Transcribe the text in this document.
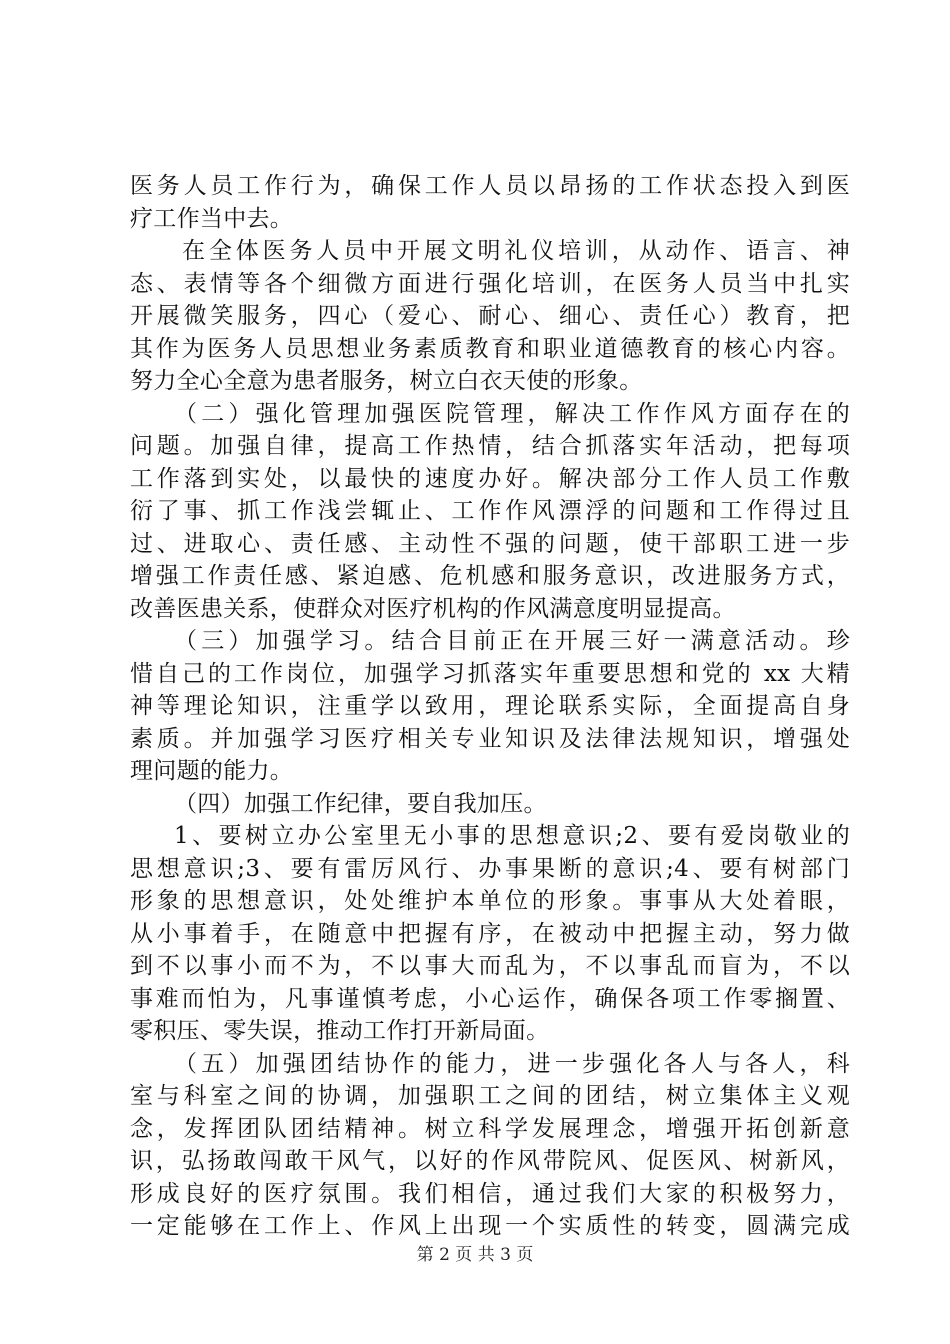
医务人员工作行为，确保工作人员以昂扬的工作状态投入到医
疗工作当中去。
在全体医务人员中开展文明礼仪培训，从动作、语言、神
态、表情等各个细微方面进行强化培训，在医务人员当中扎实
开展微笑服务，四心（爱心、耐心、细心、责任心）教育，把
其作为医务人员思想业务素质教育和职业道德教育的核心内容。
努力全心全意为患者服务，树立白衣天使的形象。
（二）强化管理加强医院管理，解决工作作风方面存在的
问题。加强自律，提高工作热情，结合抓落实年活动，把每项
工作落到实处，以最快的速度办好。解决部分工作人员工作敷
衍了事、抓工作浅尝辄止、工作作风漂浮的问题和工作得过且
过、进取心、责任感、主动性不强的问题，使干部职工进一步
增强工作责任感、紧迫感、危机感和服务意识，改进服务方式，
改善医患关系，使群众对医疗机构的作风满意度明显提高。
（三）加强学习。结合目前正在开展三好一满意活动。珍
惜自己的工作岗位，加强学习抓落实年重要思想和党的 xx 大精
神等理论知识，注重学以致用，理论联系实际，全面提高自身
素质。并加强学习医疗相关专业知识及法律法规知识，增强处
理问题的能力。
（四）加强工作纪律，要自我加压。
1、要树立办公室里无小事的思想意识;2、要有爱岗敬业的
思想意识;3、要有雷厉风行、办事果断的意识;4、要有树部门
形象的思想意识，处处维护本单位的形象。事事从大处着眼，
从小事着手，在随意中把握有序，在被动中把握主动，努力做
到不以事小而不为，不以事大而乱为，不以事乱而盲为，不以
事难而怕为，凡事谨慎考虑，小心运作，确保各项工作零搁置、
零积压、零失误，推动工作打开新局面。
（五）加强团结协作的能力，进一步强化各人与各人，科
室与科室之间的协调，加强职工之间的团结，树立集体主义观
念，发挥团队团结精神。树立科学发展理念，增强开拓创新意
识，弘扬敢闯敢干风气，以好的作风带院风、促医风、树新风，
形成良好的医疗氛围。我们相信，通过我们大家的积极努力，
一定能够在工作上、作风上出现一个实质性的转变，圆满完成
第 2 页 共 3 页
